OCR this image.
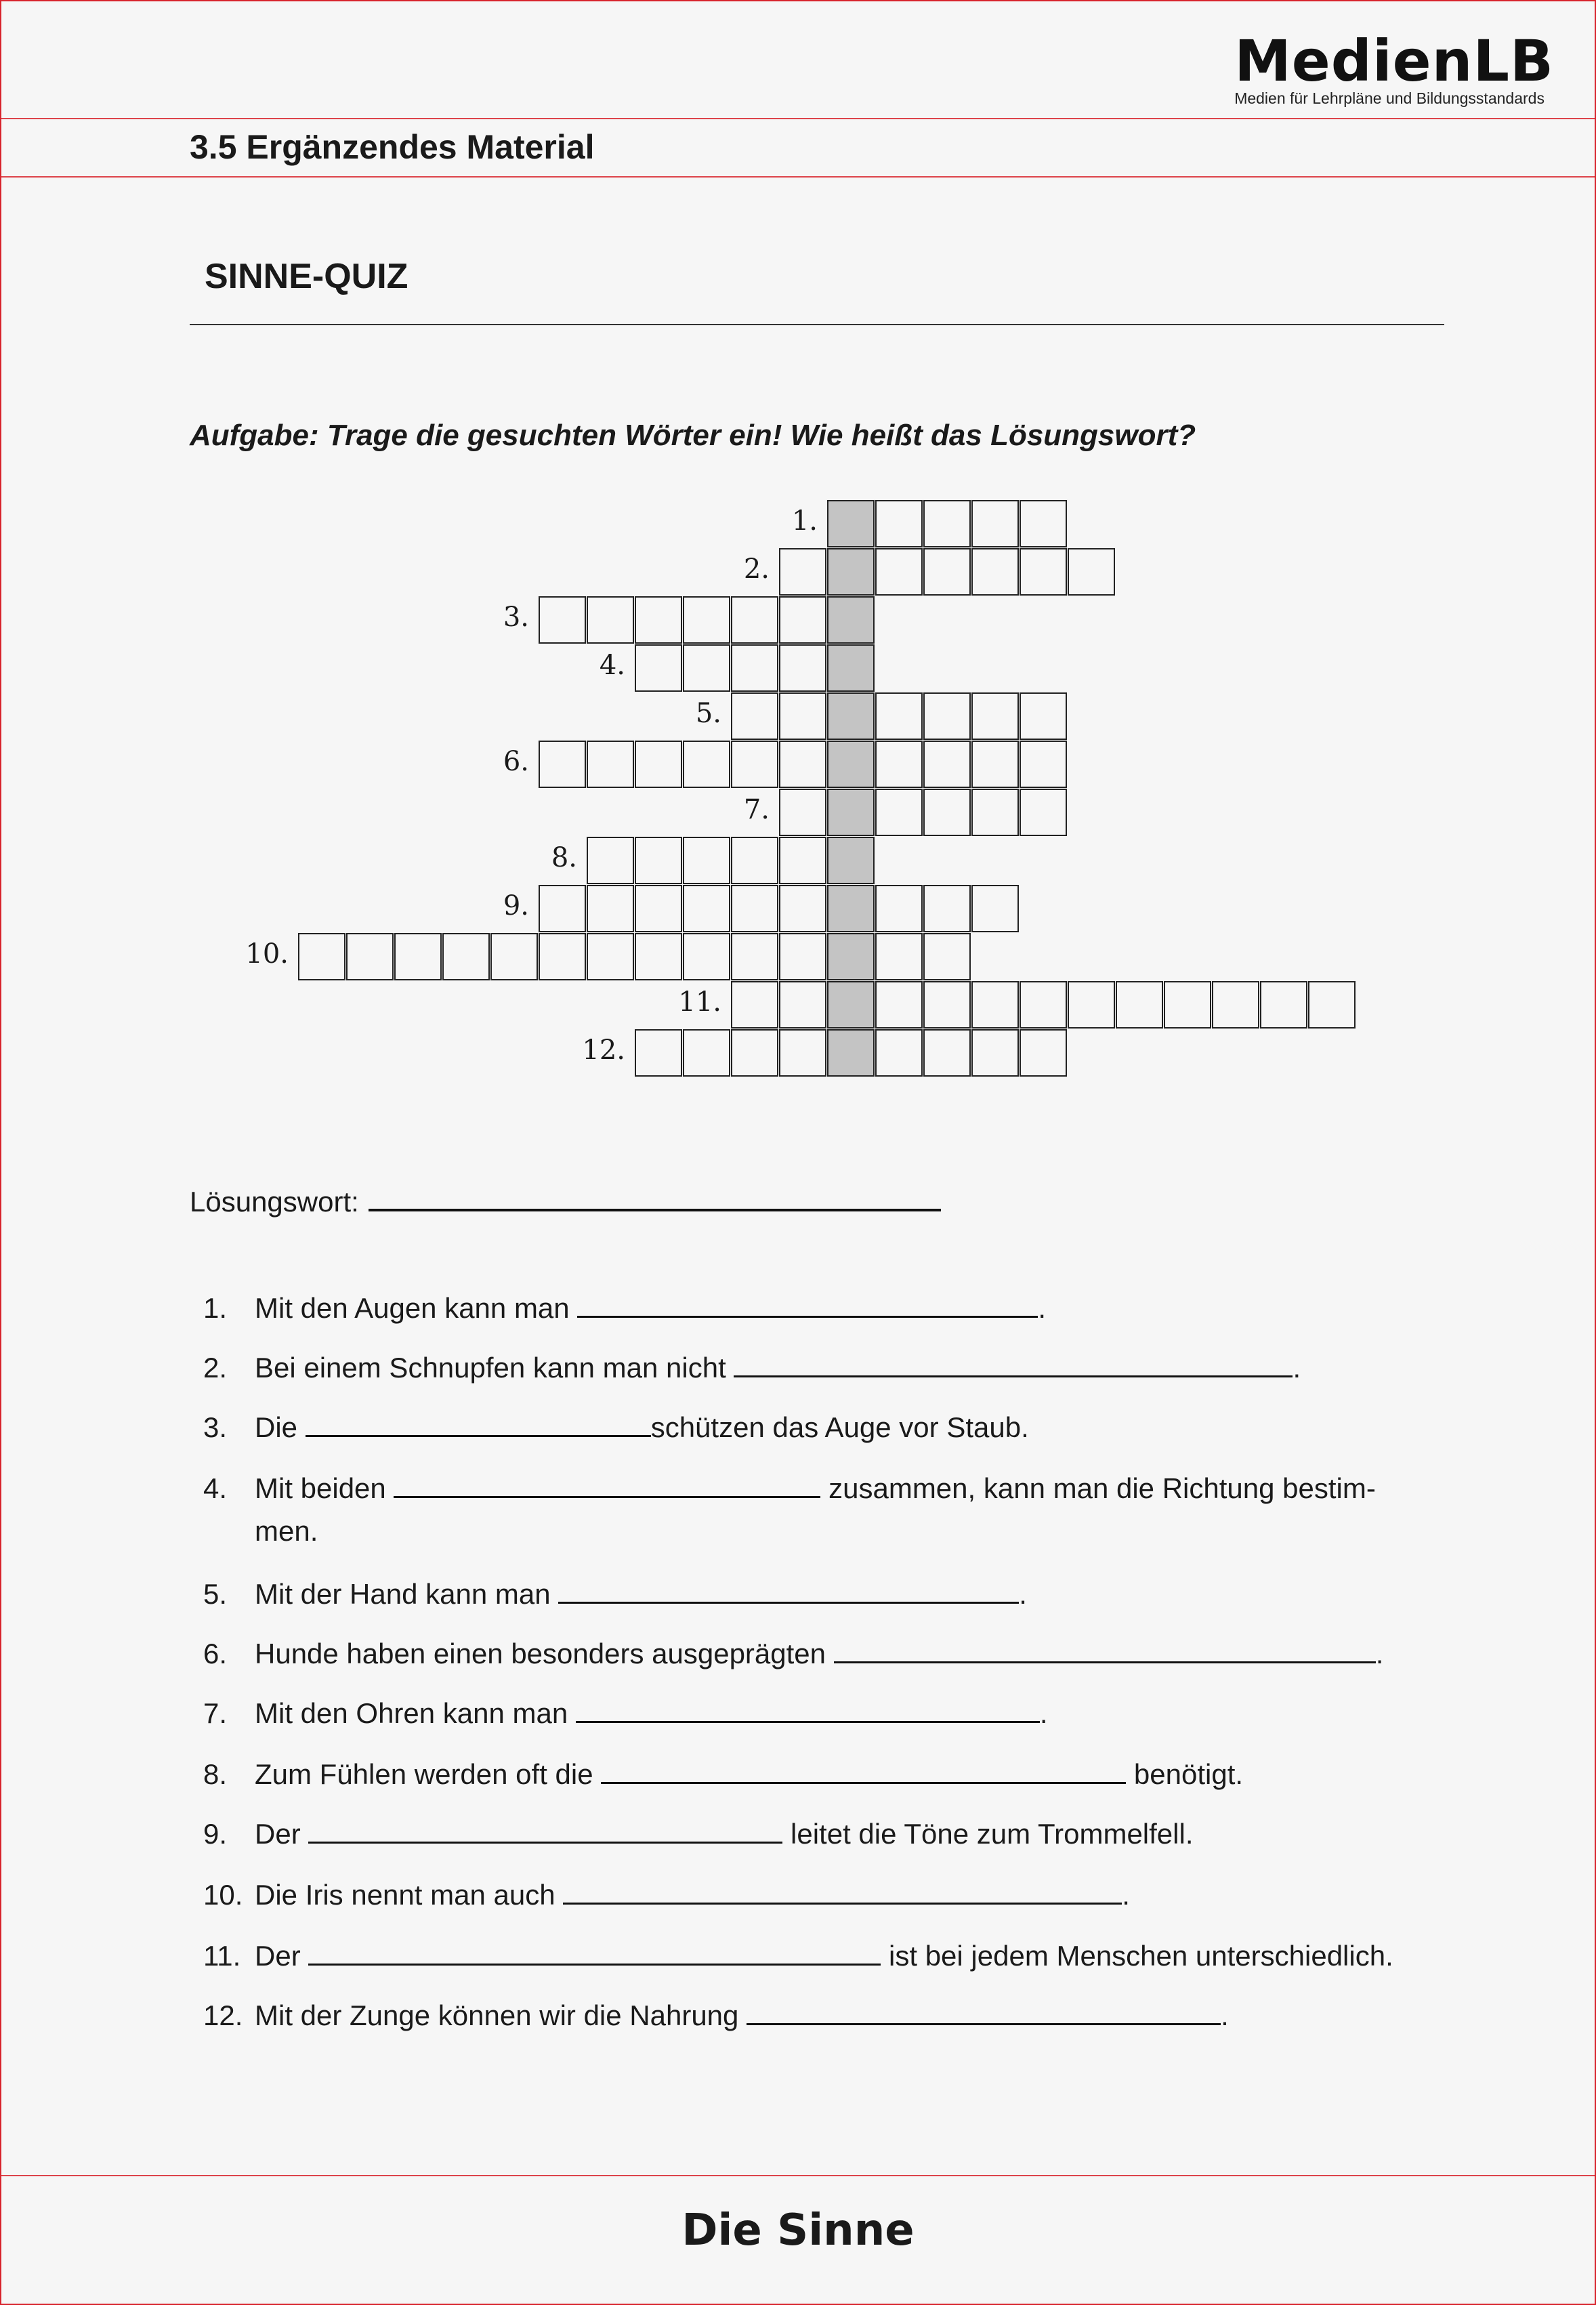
MedienLB
Medien für Lehrpläne und Bildungsstandards
3.5 Ergänzendes Material
SINNE-QUIZ
Aufgabe: Trage die gesuchten Wörter ein! Wie heißt das Lösungswort?
1.
2.
3.
4.
5.
6.
7.
8.
9.
10.
11.
12.
Lösungswort:
1. Mit den Augen kann man	.
2. Bei einem Schnupfen kann man nicht	.
3. Die	schützen das Auge vor Staub.
4. Mit beiden	zusammen, kann man die Richtung bestim-
men.
5. Mit der Hand kann man	.
6. Hunde haben einen besonders ausgeprägten	.
7. Mit den Ohren kann man	.
8. Zum Fühlen werden oft die	benötigt.
9. Der	leitet die Töne zum Trommelfell.
10. Die Iris nennt man auch	.
11. Der	ist bei jedem Menschen unterschiedlich.
12. Mit der Zunge können wir die Nahrung	.
Die Sinne
